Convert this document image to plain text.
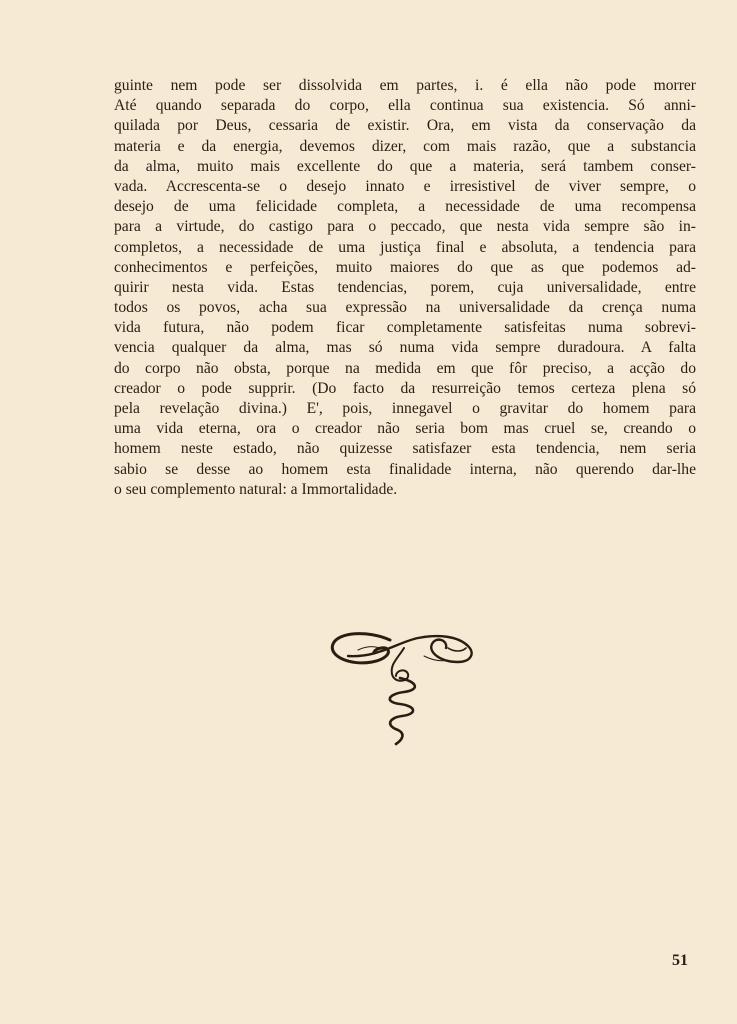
guinte nem pode ser dissolvida em partes, i. é ella não pode morrer
Até quando separada do corpo, ella continua sua existencia. Só anni-
quilada por Deus, cessaria de existir. Ora, em vista da conservação da
materia e da energia, devemos dizer, com mais razão, que a substancia
da alma, muito mais excellente do que a materia, será tambem conser-
vada. Accrescenta-se o desejo innato e irresistivel de viver sempre, o
desejo de uma felicidade completa, a necessidade de uma recompensa
para a virtude, do castigo para o peccado, que nesta vida sempre são in-
completos, a necessidade de uma justiça final e absoluta, a tendencia para
conhecimentos e perfeições, muito maiores do que as que podemos ad-
quirir nesta vida. Estas tendencias, porem, cuja universalidade, entre
todos os povos, acha sua expressão na universalidade da crença numa
vida futura, não podem ficar completamente satisfeitas numa sobrevi-
vencia qualquer da alma, mas só numa vida sempre duradoura. A falta
do corpo não obsta, porque na medida em que fôr preciso, a acção do
creador o pode supprir. (Do facto da resurreição temos certeza plena só
pela revelação divina.) E', pois, innegavel o gravitar do homem para
uma vida eterna, ora o creador não seria bom mas cruel se, creando o
homem neste estado, não quizesse satisfazer esta tendencia, nem seria
sabio se desse ao homem esta finalidade interna, não querendo dar-lhe
o seu complemento natural: a Immortalidade.
51
